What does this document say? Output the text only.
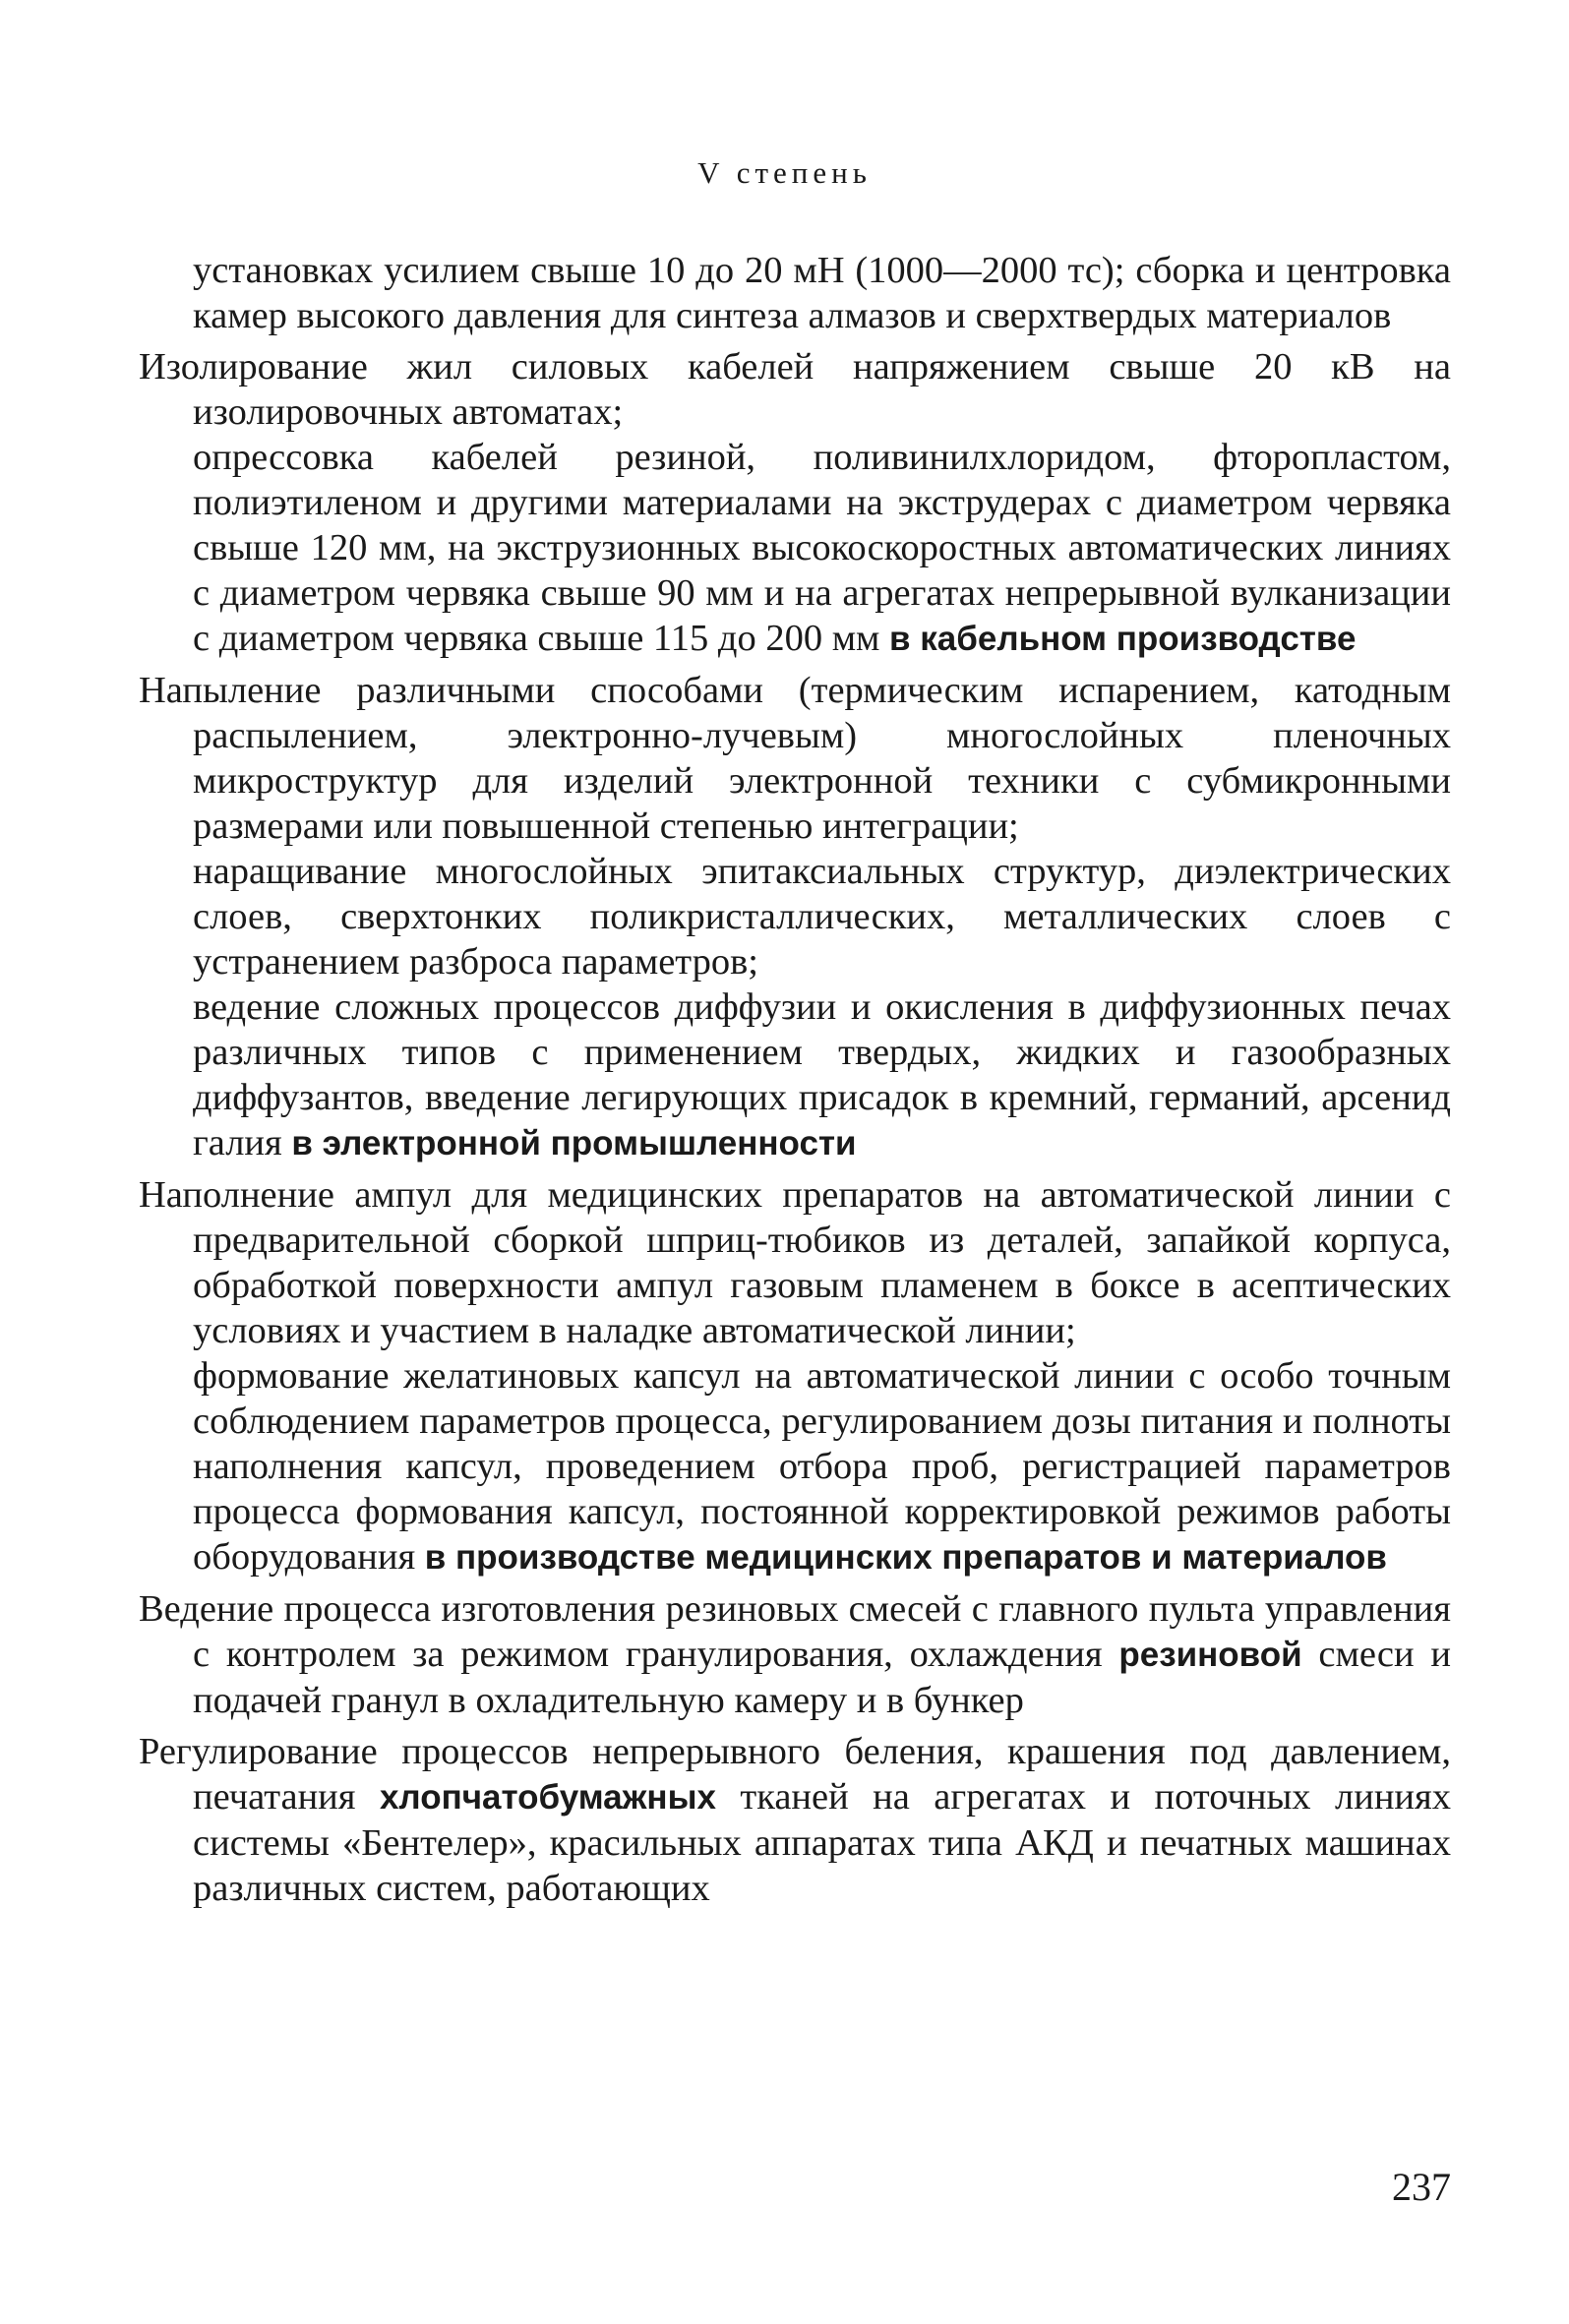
V степень

установках усилием свыше 10 до 20 мН (1000—2000 тс); сборка и центровка камер высокого давления для синтеза алмазов и сверхтвердых материалов

Изолирование жил силовых кабелей напряжением свыше 20 кВ на изолировочных автоматах;

опрессовка кабелей резиной, поливинилхлоридом, фторопластом, полиэтиленом и другими материалами на экструдерах с диаметром червяка свыше 120 мм, на экструзионных высокоскоростных автоматических линиях с диаметром червяка свыше 90 мм и на агрегатах непрерывной вулканизации с диаметром червяка свыше 115 до 200 мм в кабельном производстве

Напыление различными способами (термическим испарением, катодным распылением, электронно-лучевым) многослойных пленочных микроструктур для изделий электронной техники с субмикронными размерами или повышенной степенью интеграции;

наращивание многослойных эпитаксиальных структур, диэлектрических слоев, сверхтонких поликристаллических, металлических слоев с устранением разброса параметров;

ведение сложных процессов диффузии и окисления в диффузионных печах различных типов с применением твердых, жидких и газообразных диффузантов, введение легирующих присадок в кремний, германий, арсенид галия в электронной промышленности

Наполнение ампул для медицинских препаратов на автоматической линии с предварительной сборкой шприц-тюбиков из деталей, запайкой корпуса, обработкой поверхности ампул газовым пламенем в боксе в асептических условиях и участием в наладке автоматической линии;

формование желатиновых капсул на автоматической линии с особо точным соблюдением параметров процесса, регулированием дозы питания и полноты наполнения капсул, проведением отбора проб, регистрацией параметров процесса формования капсул, постоянной корректировкой режимов работы оборудования в производстве медицинских препаратов и материалов

Ведение процесса изготовления резиновых смесей с главного пульта управления с контролем за режимом гранулирования, охлаждения резиновой смеси и подачей гранул в охладительную камеру и в бункер

Регулирование процессов непрерывного беления, крашения под давлением, печатания хлопчатобумажных тканей на агрегатах и поточных линиях системы «Бентелер», красильных аппаратах типа АКД и печатных машинах различных систем, работающих

237
